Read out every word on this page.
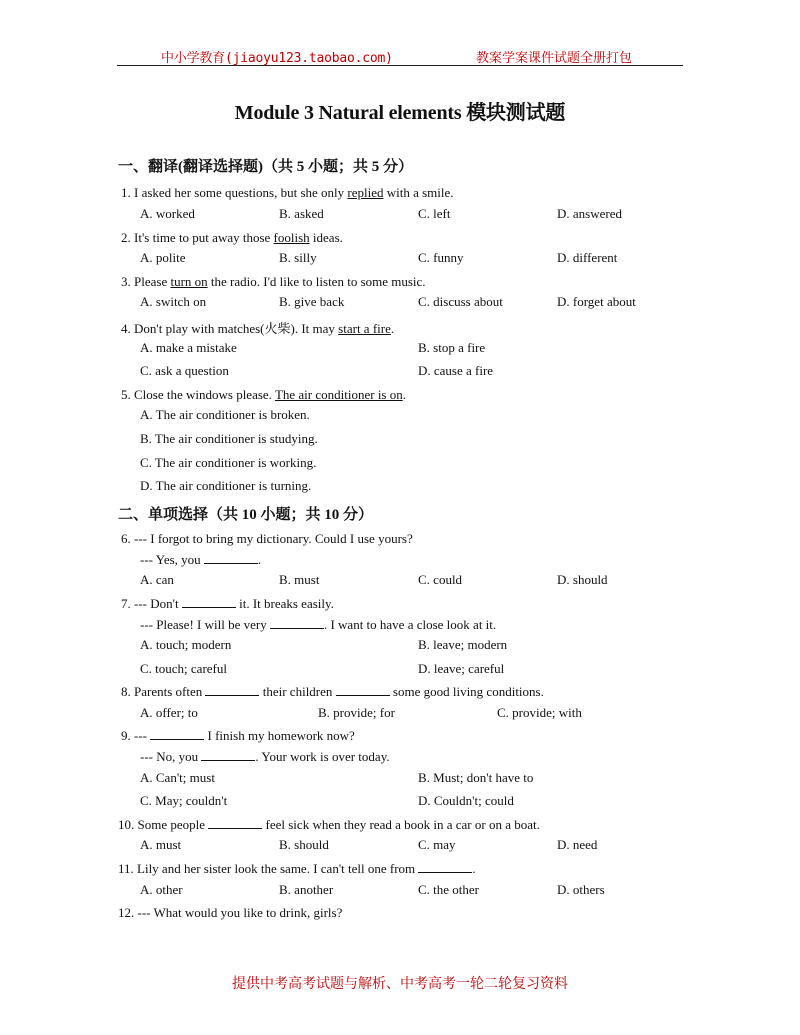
中小学教育(jiaoyu123.taobao.com)	教案学案课件试题全册打包
Module 3 Natural elements 模块测试题
一、翻译(翻译选择题)（共 5 小题；共 5 分）
1. I asked her some questions, but she only replied with a smile.
A. worked	B. asked	C. left	D. answered
2. It's time to put away those foolish ideas.
A. polite	B. silly	C. funny	D. different
3. Please turn on the radio. I'd like to listen to some music.
A. switch on	B. give back	C. discuss about	D. forget about
4. Don't play with matches(火柴). It may start a fire.
A. make a mistake	B. stop a fire
C. ask a question	D. cause a fire
5. Close the windows please. The air conditioner is on.
A. The air conditioner is broken.
B. The air conditioner is studying.
C. The air conditioner is working.
D. The air conditioner is turning.
二、单项选择（共 10 小题；共 10 分）
6. --- I forgot to bring my dictionary. Could I use yours?
--- Yes, you	.
A. can	B. must	C. could	D. should
7. --- Don't	it. It breaks easily.
--- Please! I will be very	. I want to have a close look at it.
A. touch; modern	B. leave; modern
C. touch; careful	D. leave; careful
8. Parents often	their children	some good living conditions.
A. offer; to	B. provide; for	C. provide; with
9. ---	I finish my homework now?
--- No, you	. Your work is over today.
A. Can't; must	B. Must; don't have to
C. May; couldn't	D. Couldn't; could
10. Some people	feel sick when they read a book in a car or on a boat.
A. must	B. should	C. may	D. need
11. Lily and her sister look the same. I can't tell one from	.
A. other	B. another	C. the other	D. others
12. --- What would you like to drink, girls?
提供中考高考试题与解析、中考高考一轮二轮复习资料
